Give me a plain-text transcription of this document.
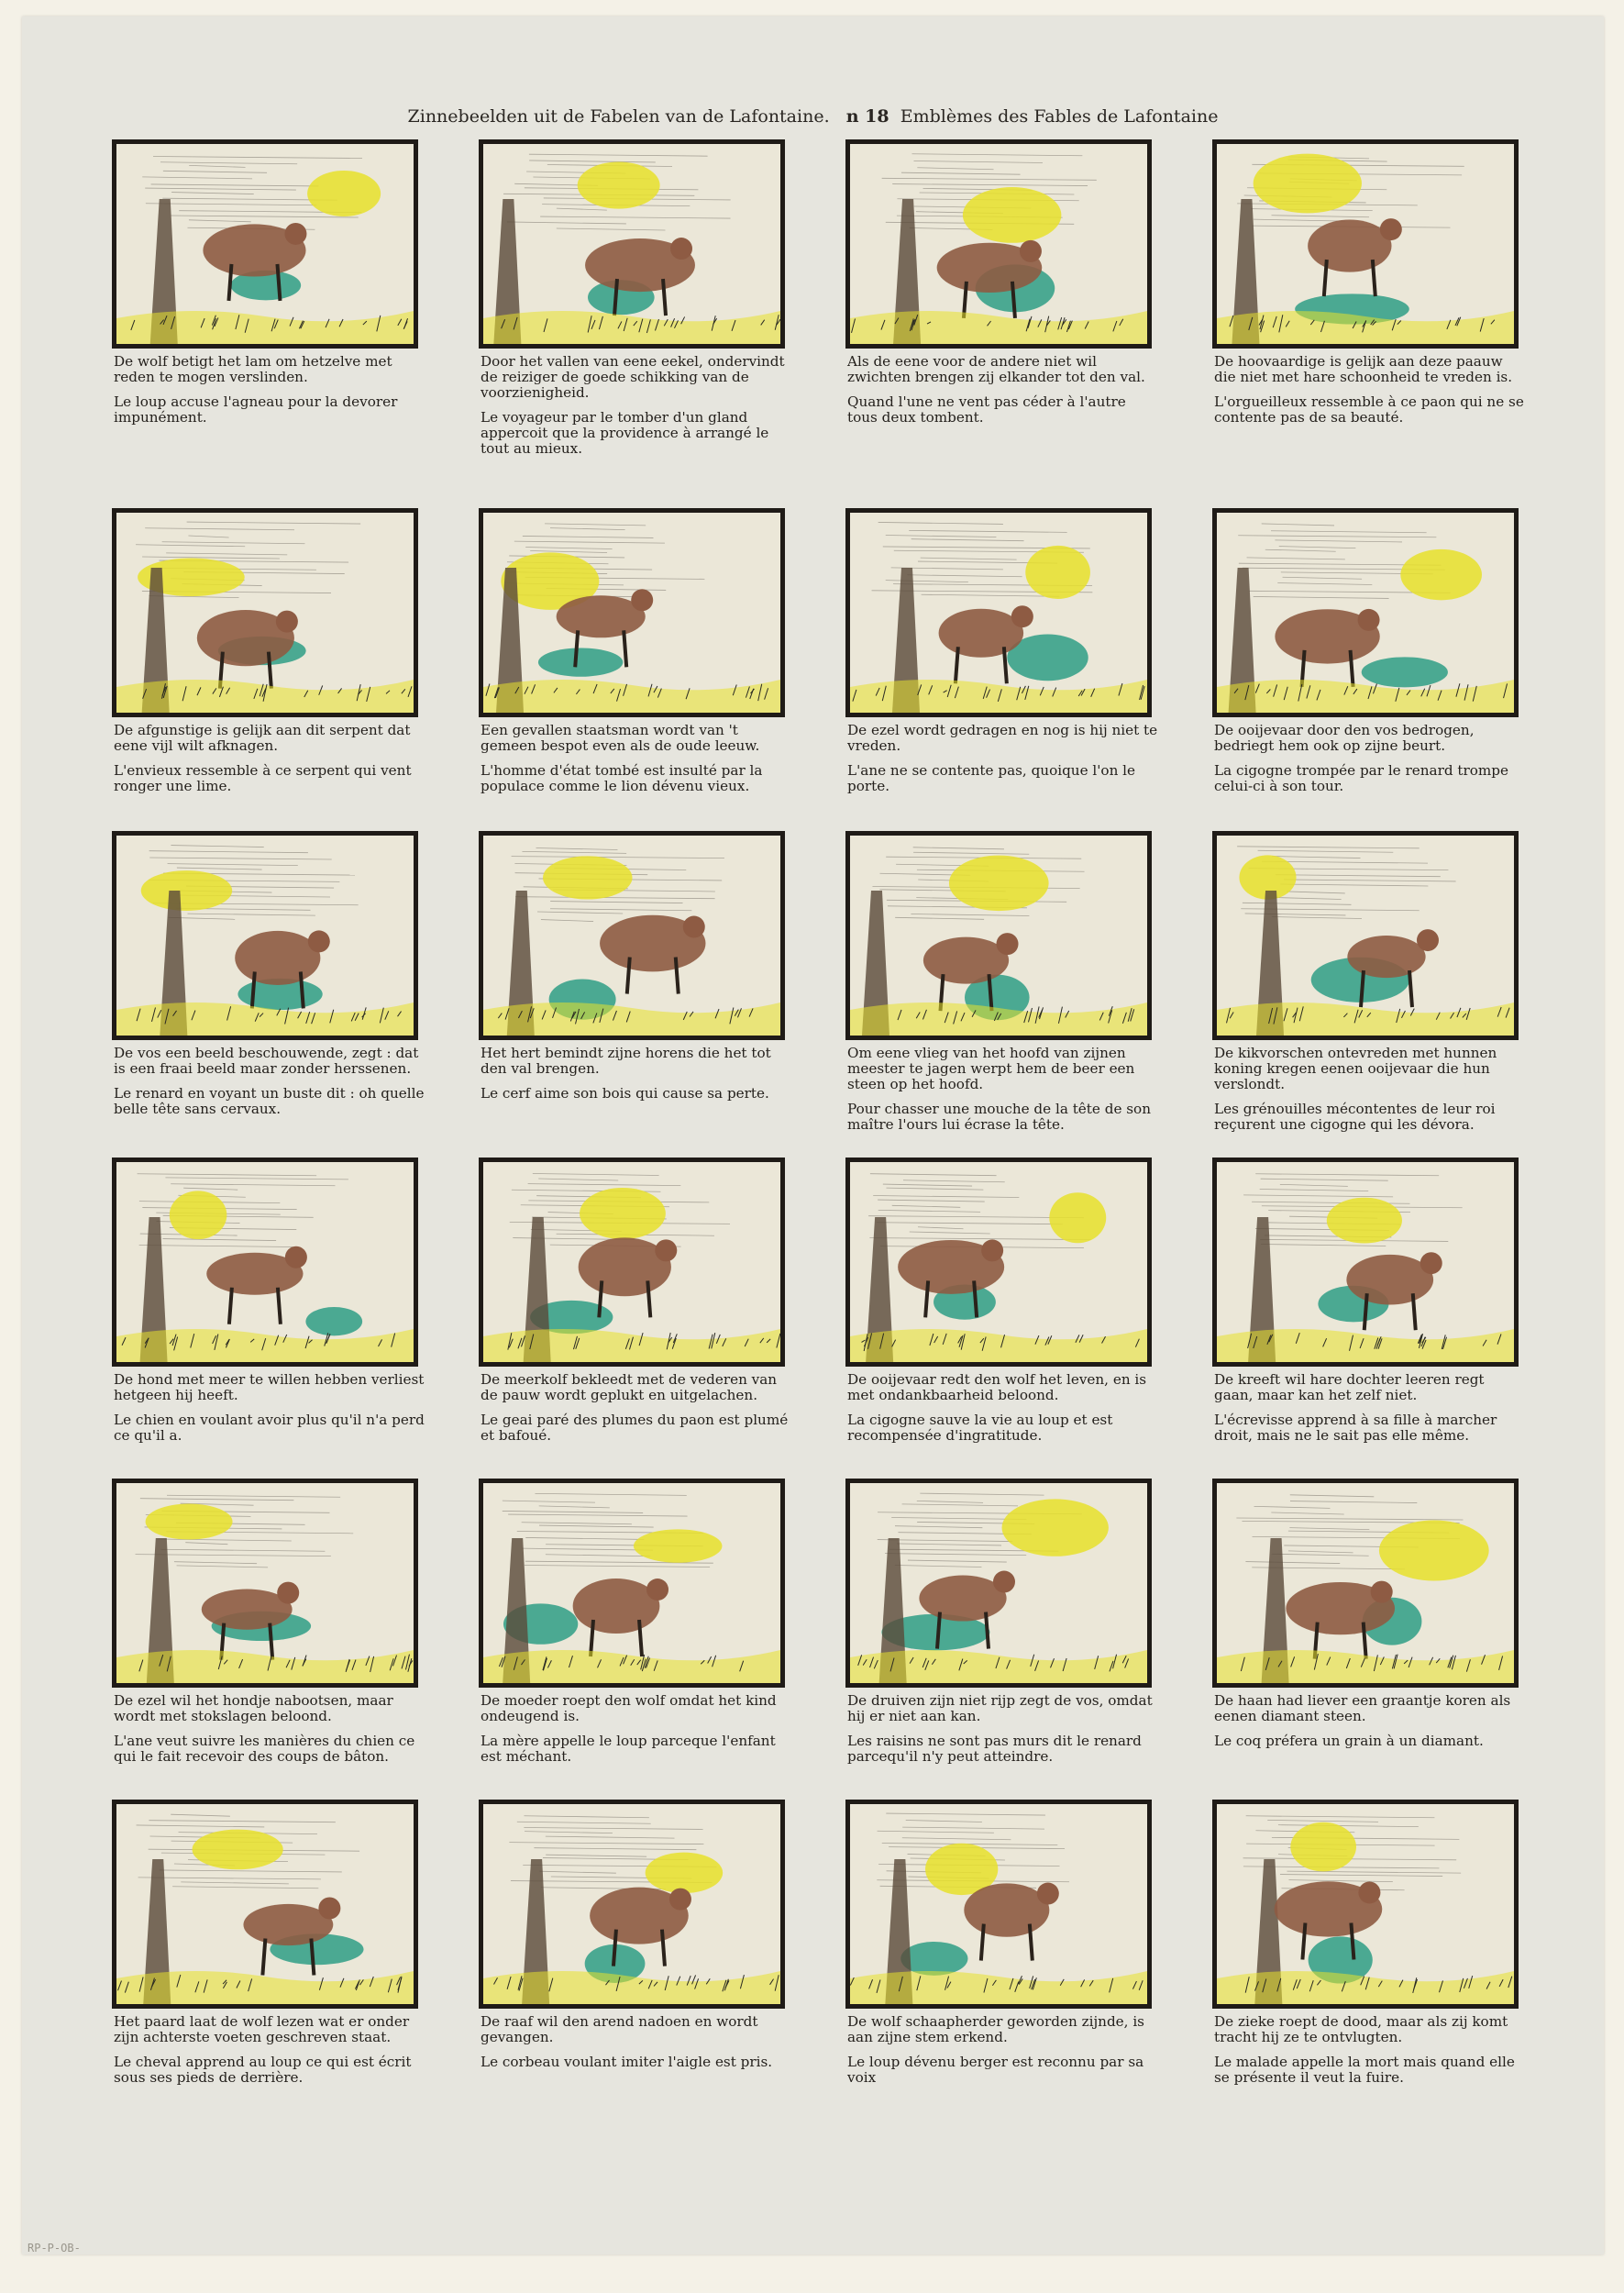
Zinnebeelden uit de Fabelen van de Lafontaine. n 18 Emblèmes des Fables de Lafontaine
De wolf betigt het lam om hetzelve met reden te mogen verslinden.
Le loup accuse l'agneau pour la devorer impunément.
Door het vallen van eene eekel, ondervindt de reiziger de goede schikking van de voorzienigheid.
Le voyageur par le tomber d'un gland appercoit que la providence à arrangé le tout au mieux.
Als de eene voor de andere niet wil zwichten brengen zij elkander tot den val.
Quand l'une ne vent pas céder à l'autre tous deux tombent.
De hoovaardige is gelijk aan deze paauw die niet met hare schoonheid te vreden is.
L'orgueilleux ressemble à ce paon qui ne se contente pas de sa beauté.
De afgunstige is gelijk aan dit serpent dat eene vijl wilt afknagen.
L'envieux ressemble à ce serpent qui vent ronger une lime.
Een gevallen staatsman wordt van 't gemeen bespot even als de oude leeuw.
L'homme d'état tombé est insulté par la populace comme le lion dévenu vieux.
De ezel wordt gedragen en nog is hij niet te vreden.
L'ane ne se contente pas, quoique l'on le porte.
De ooijevaar door den vos bedrogen, bedriegt hem ook op zijne beurt.
La cigogne trompée par le renard trompe celui-ci à son tour.
De vos een beeld beschouwende, zegt : dat is een fraai beeld maar zonder herssenen.
Le renard en voyant un buste dit : oh quelle belle tête sans cervaux.
Het hert bemindt zijne horens die het tot den val brengen.
Le cerf aime son bois qui cause sa perte.
Om eene vlieg van het hoofd van zijnen meester te jagen werpt hem de beer een steen op het hoofd.
Pour chasser une mouche de la tête de son maître l'ours lui écrase la tête.
De kikvorschen ontevreden met hunnen koning kregen eenen ooijevaar die hun verslondt.
Les grénouilles mécontentes de leur roi reçurent une cigogne qui les dévora.
De hond met meer te willen hebben verliest hetgeen hij heeft.
Le chien en voulant avoir plus qu'il n'a perd ce qu'il a.
De meerkolf bekleedt met de vederen van de pauw wordt geplukt en uitgelachen.
Le geai paré des plumes du paon est plumé et bafoué.
De ooijevaar redt den wolf het leven, en is met ondankbaarheid beloond.
La cigogne sauve la vie au loup et est recompensée d'ingratitude.
De kreeft wil hare dochter leeren regt gaan, maar kan het zelf niet.
L'écrevisse apprend à sa fille à marcher droit, mais ne le sait pas elle même.
De ezel wil het hondje nabootsen, maar wordt met stokslagen beloond.
L'ane veut suivre les manières du chien ce qui le fait recevoir des coups de bâton.
De moeder roept den wolf omdat het kind ondeugend is.
La mère appelle le loup parceque l'enfant est méchant.
De druiven zijn niet rijp zegt de vos, omdat hij er niet aan kan.
Les raisins ne sont pas murs dit le renard parcequ'il n'y peut atteindre.
De haan had liever een graantje koren als eenen diamant steen.
Le coq préfera un grain à un diamant.
Het paard laat de wolf lezen wat er onder zijn achterste voeten geschreven staat.
Le cheval apprend au loup ce qui est écrit sous ses pieds de derrière.
De raaf wil den arend nadoen en wordt gevangen.
Le corbeau voulant imiter l'aigle est pris.
De wolf schaapherder geworden zijnde, is aan zijne stem erkend.
Le loup dévenu berger est reconnu par sa voix
De zieke roept de dood, maar als zij komt tracht hij ze te ontvlugten.
Le malade appelle la mort mais quand elle se présente il veut la fuire.
RP-P-OB-
